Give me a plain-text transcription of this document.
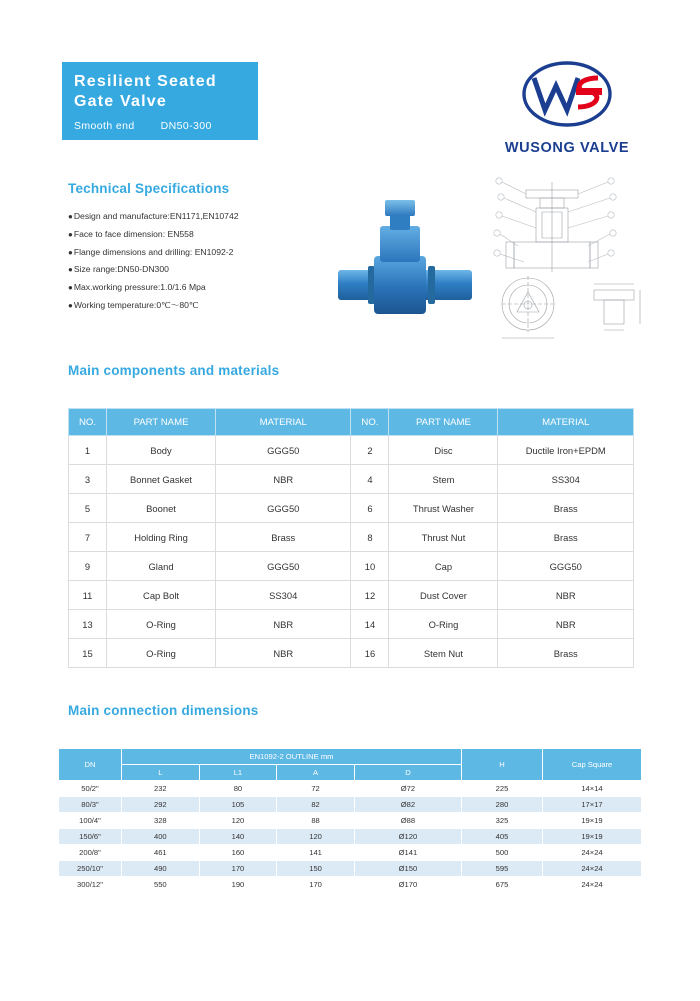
Resilient Seated
Gate Valve
Smooth end DN50-300
WUSONG VALVE
Technical Specifications
●Design and manufacture:EN1171,EN10742
●Face to face dimension: EN558
●Flange dimensions and drilling: EN1092-2
●Size range:DN50-DN300
●Max.working pressure:1.0/1.6 Mpa
●Working temperature:0℃～80℃
Main components and materials
NO.	PART NAME	MATERIAL	NO.	PART NAME	MATERIAL
1	Body	GGG50	2	Disc	Ductile Iron+EPDM
3	Bonnet Gasket	NBR	4	Stem	SS304
5	Boonet	GGG50	6	Thrust Washer	Brass
7	Holding Ring	Brass	8	Thrust Nut	Brass
9	Gland	GGG50	10	Cap	GGG50
11	Cap Bolt	SS304	12	Dust Cover	NBR
13	O-Ring	NBR	14	O-Ring	NBR
15	O-Ring	NBR	16	Stem Nut	Brass
Main connection dimensions
DN	EN1092-2 OUTLINE mm				H	Cap Square
	L	L1	A	D		
50/2"	232	80	72	Ø72	225	14×14
80/3"	292	105	82	Ø82	280	17×17
100/4"	328	120	88	Ø88	325	19×19
150/6"	400	140	120	Ø120	405	19×19
200/8"	461	160	141	Ø141	500	24×24
250/10"	490	170	150	Ø150	595	24×24
300/12"	550	190	170	Ø170	675	24×24
